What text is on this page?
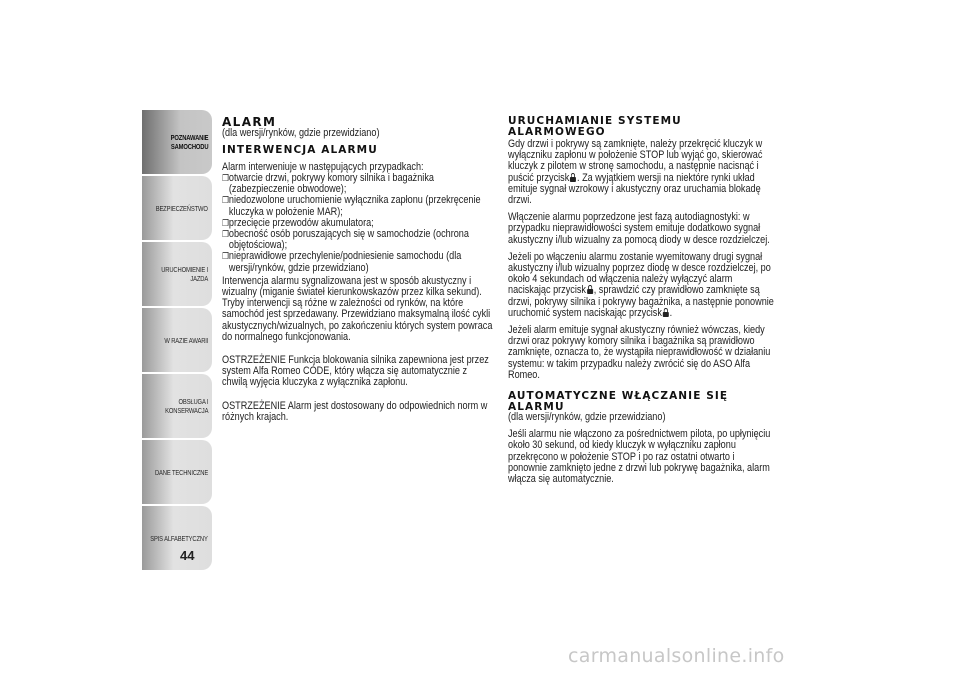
POZNAWANIE
SAMOCHODU
BEZPIECZEŃSTWO
URUCHOMIENIE I
JAZDA
W RAZIE AWARII
OBSŁUGA I
KONSERWACJA
DANE TECHNICZNE
SPIS ALFABETYCZNY
44
ALARM

(dla wersji/rynków, gdzie przewidziano)

INTERWENCJA ALARMU

Alarm interweniuje w następujących przypadkach:

❐ otwarcie drzwi, pokrywy komory silnika i bagażnika (zabezpieczenie obwodowe);
❐ niedozwolone uruchomienie wyłącznika zapłonu (przekręcenie kluczyka w położenie MAR);
❐ przecięcie przewodów akumulatora;
❐ obecność osób poruszających się w samochodzie (ochrona objętościowa);
❐ nieprawidłowe przechylenie/podniesienie samochodu (dla wersji/rynków, gdzie przewidziano)

Interwencja alarmu sygnalizowana jest w sposób akustyczny i wizualny (miganie świateł kierunkowskazów przez kilka sekund). Tryby interwencji są różne w zależności od rynków, na które samochód jest sprzedawany. Przewidziano maksymalną ilość cykli akustycznych/wizualnych, po zakończeniu których system powraca do normalnego funkcjonowania.

OSTRZEŻENIE Funkcja blokowania silnika zapewniona jest przez system Alfa Romeo CODE, który włącza się automatycznie z chwilą wyjęcia kluczyka z wyłącznika zapłonu.

OSTRZEŻENIE Alarm jest dostosowany do odpowiednich norm w różnych krajach.

URUCHAMIANIE SYSTEMU ALARMOWEGO

Gdy drzwi i pokrywy są zamknięte, należy przekręcić kluczyk w wyłączniku zapłonu w położenie STOP lub wyjąć go, skierować kluczyk z pilotem w stronę samochodu, a następnie nacisnąć i puścić przycisk . Za wyjątkiem wersji na niektóre rynki układ emituje sygnał wzrokowy i akustyczny oraz uruchamia blokadę drzwi.

Włączenie alarmu poprzedzone jest fazą autodiagnostyki: w przypadku nieprawidłowości system emituje dodatkowo sygnał akustyczny i/lub wizualny za pomocą diody w desce rozdzielczej.

Jeżeli po włączeniu alarmu zostanie wyemitowany drugi sygnał akustyczny i/lub wizualny poprzez diodę w desce rozdzielczej, po około 4 sekundach od włączenia należy wyłączyć alarm naciskając przycisk , sprawdzić czy prawidłowo zamknięte są drzwi, pokrywy silnika i pokrywy bagażnika, a następnie ponownie uruchomić system naciskając przycisk .

Jeżeli alarm emituje sygnał akustyczny również wówczas, kiedy drzwi oraz pokrywy komory silnika i bagażnika są prawidłowo zamknięte, oznacza to, że wystąpiła nieprawidłowość w działaniu systemu: w takim przypadku należy zwrócić się do ASO Alfa Romeo.

AUTOMATYCZNE WŁĄCZANIE SIĘ ALARMU

(dla wersji/rynków, gdzie przewidziano)

Jeśli alarmu nie włączono za pośrednictwem pilota, po upłynięciu około 30 sekund, od kiedy kluczyk w wyłączniku zapłonu przekręcono w położenie STOP i po raz ostatni otwarto i ponownie zamknięto jedne z drzwi lub pokrywę bagażnika, alarm włącza się automatycznie.

carmanualsonline.info
